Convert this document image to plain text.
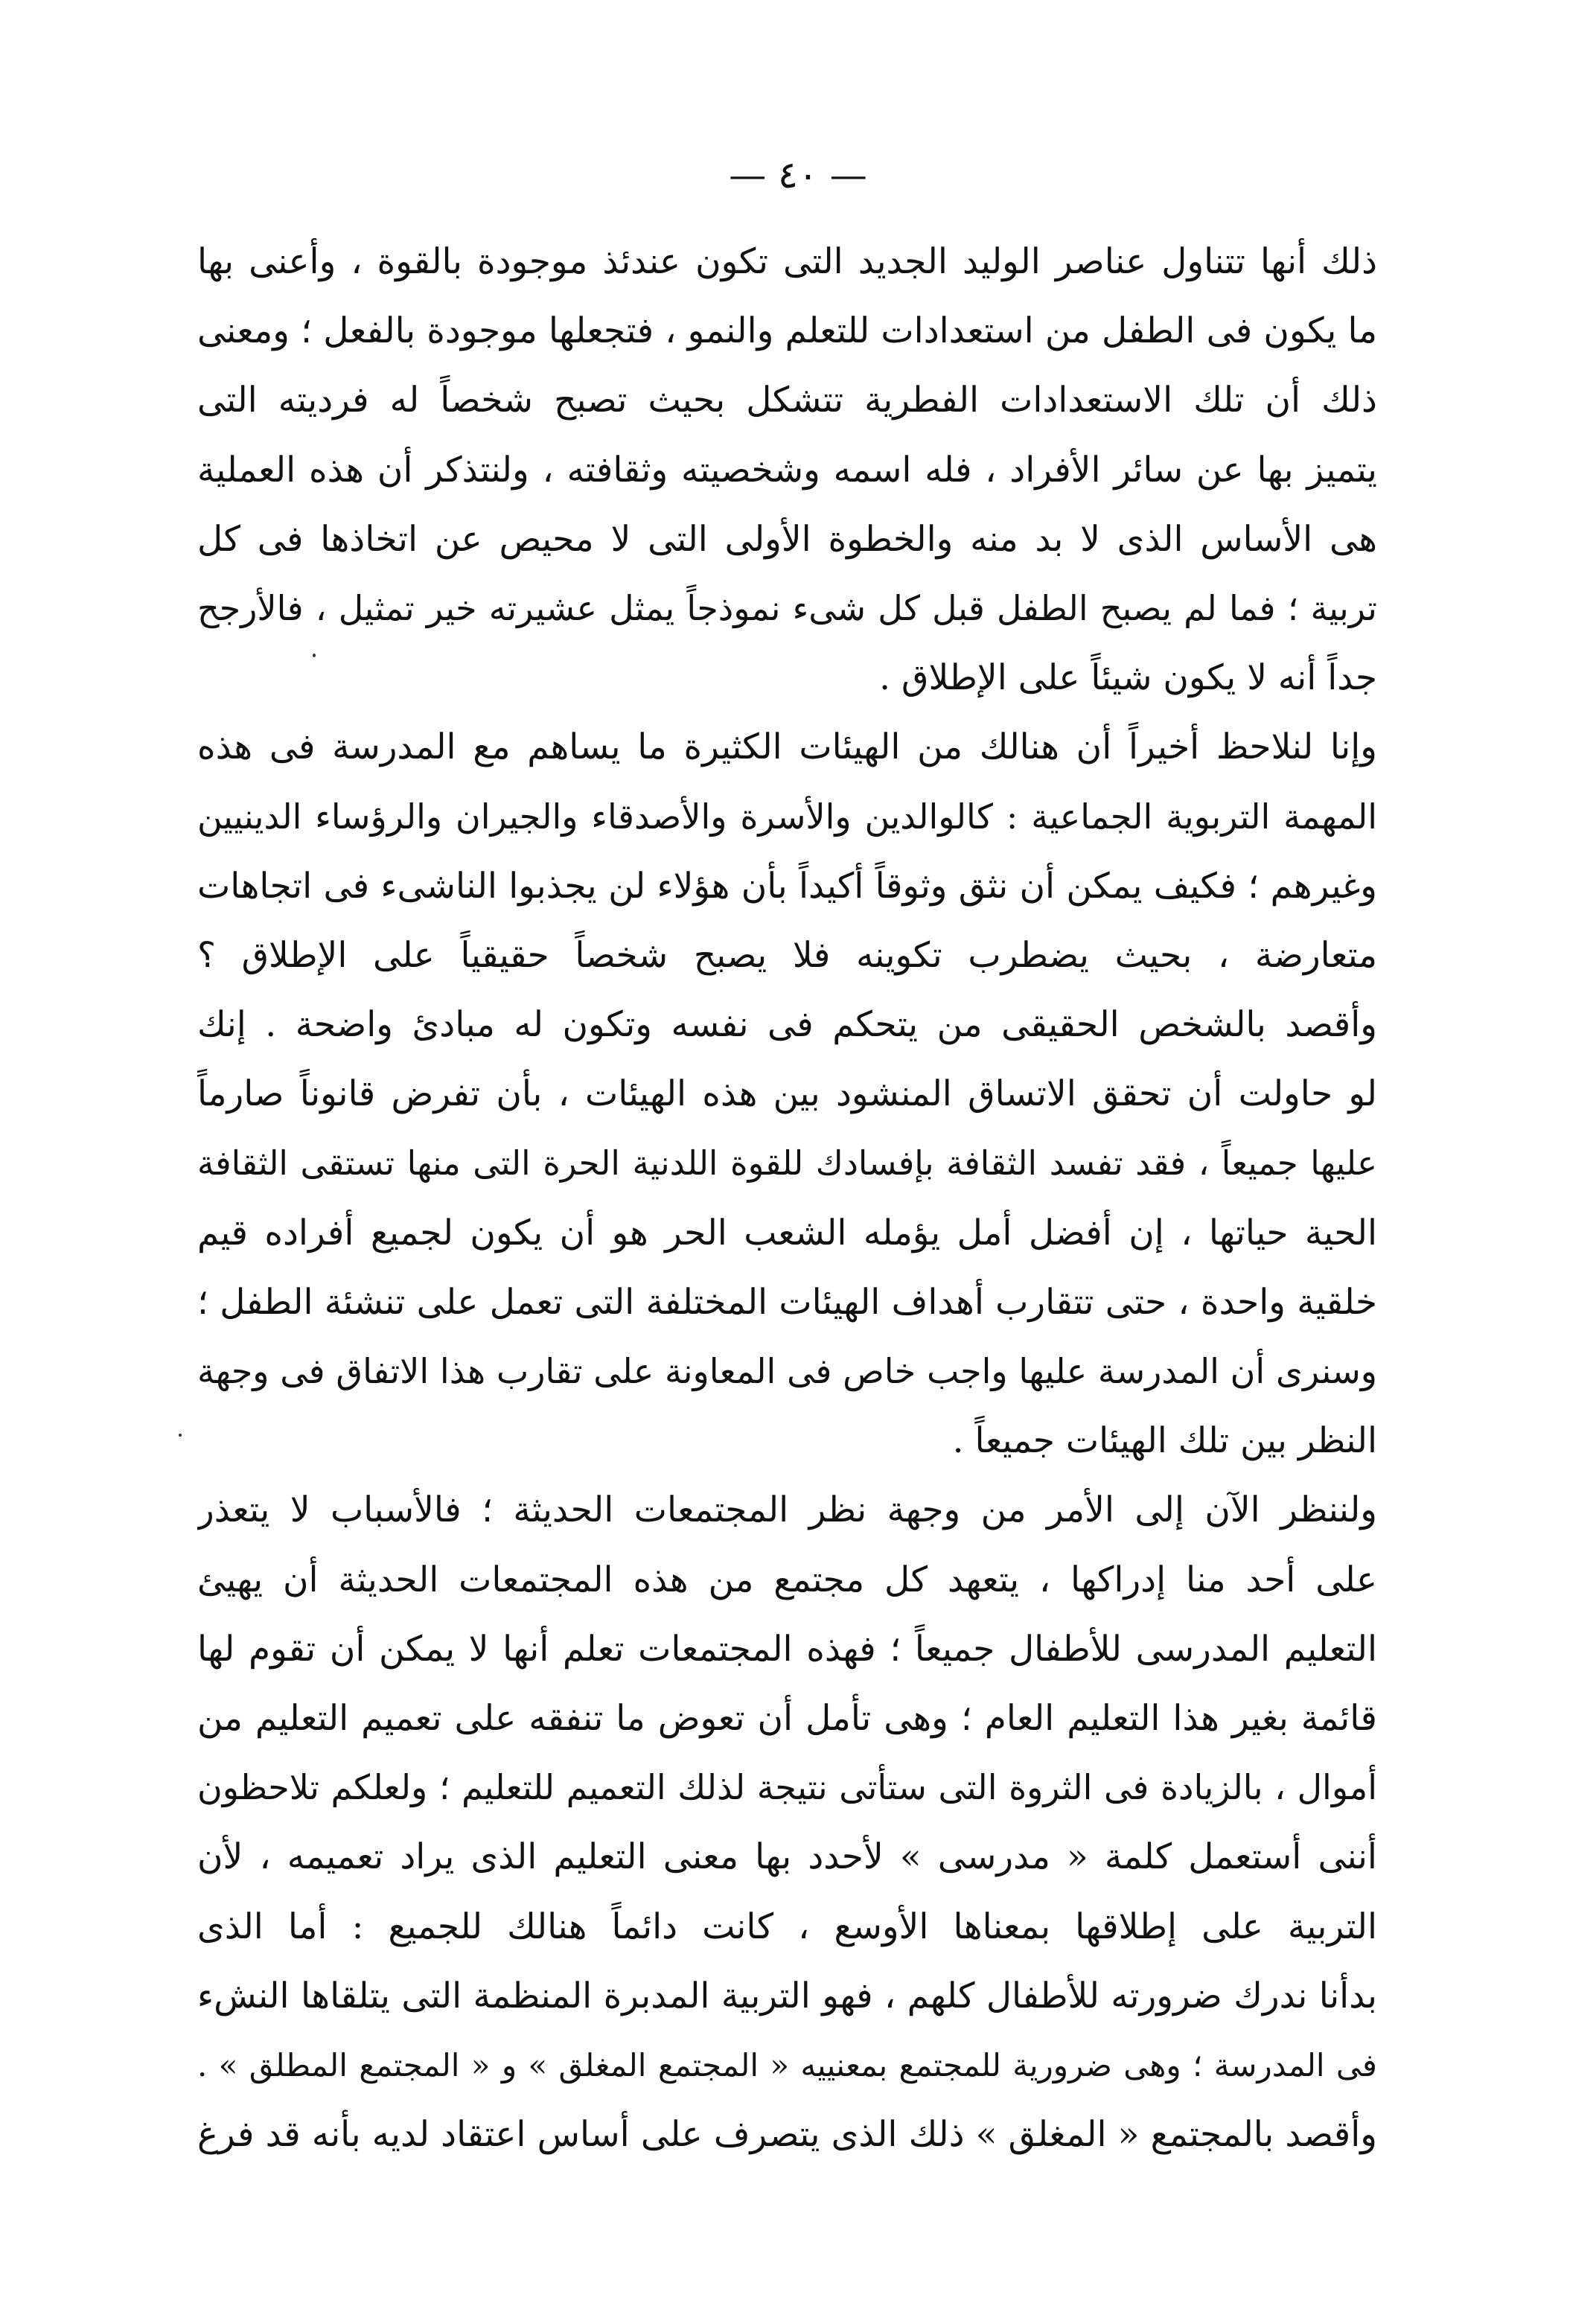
— ٤٠ —
ذلك أنها تتناول عناصر الوليد الجديد التى تكون عندئذ موجودة بالقوة ، وأعنى بها
ما يكون فى الطفل من استعدادات للتعلم والنمو ، فتجعلها موجودة بالفعل ؛ ومعنى
ذلك أن تلك الاستعدادات الفطرية تتشكل بحيث تصبح شخصاً له فرديته التى
يتميز بها عن سائر الأفراد ، فله اسمه وشخصيته وثقافته ، ولنتذكر أن هذه العملية
هى الأساس الذى لا بد منه والخطوة الأولى التى لا محيص عن اتخاذها فى كل
تربية ؛ فما لم يصبح الطفل قبل كل شىء نموذجاً يمثل عشيرته خير تمثيل ، فالأرجح
جداً أنه لا يكون شيئاً على الإطلاق .
وإنا لنلاحظ أخيراً أن هنالك من الهيئات الكثيرة ما يساهم مع المدرسة فى هذه
المهمة التربوية الجماعية : كالوالدين والأسرة والأصدقاء والجيران والرؤساء الدينيين
وغيرهم ؛ فكيف يمكن أن نثق وثوقاً أكيداً بأن هؤلاء لن يجذبوا الناشىء فى اتجاهات
متعارضة ، بحيث يضطرب تكوينه فلا يصبح شخصاً حقيقياً على الإطلاق ؟
وأقصد بالشخص الحقيقى من يتحكم فى نفسه وتكون له مبادئ واضحة . إنك
لو حاولت أن تحقق الاتساق المنشود بين هذه الهيئات ، بأن تفرض قانوناً صارماً
عليها جميعاً ، فقد تفسد الثقافة بإفسادك للقوة اللدنية الحرة التى منها تستقى الثقافة
الحية حياتها ، إن أفضل أمل يؤمله الشعب الحر هو أن يكون لجميع أفراده قيم
خلقية واحدة ، حتى تتقارب أهداف الهيئات المختلفة التى تعمل على تنشئة الطفل ؛
وسنرى أن المدرسة عليها واجب خاص فى المعاونة على تقارب هذا الاتفاق فى وجهة
النظر بين تلك الهيئات جميعاً .
ولننظر الآن إلى الأمر من وجهة نظر المجتمعات الحديثة ؛ فالأسباب لا يتعذر
على أحد منا إدراكها ، يتعهد كل مجتمع من هذه المجتمعات الحديثة أن يهيئ
التعليم المدرسى للأطفال جميعاً ؛ فهذه المجتمعات تعلم أنها لا يمكن أن تقوم لها
قائمة بغير هذا التعليم العام ؛ وهى تأمل أن تعوض ما تنفقه على تعميم التعليم من
أموال ، بالزيادة فى الثروة التى ستأتى نتيجة لذلك التعميم للتعليم ؛ ولعلكم تلاحظون
أننى أستعمل كلمة « مدرسى » لأحدد بها معنى التعليم الذى يراد تعميمه ، لأن
التربية على إطلاقها بمعناها الأوسع ، كانت دائماً هنالك للجميع : أما الذى
بدأنا ندرك ضرورته للأطفال كلهم ، فهو التربية المدبرة المنظمة التى يتلقاها النشء
فى المدرسة ؛ وهى ضرورية للمجتمع بمعنييه « المجتمع المغلق » و « المجتمع المطلق » .
وأقصد بالمجتمع « المغلق » ذلك الذى يتصرف على أساس اعتقاد لديه بأنه قد فرغ
